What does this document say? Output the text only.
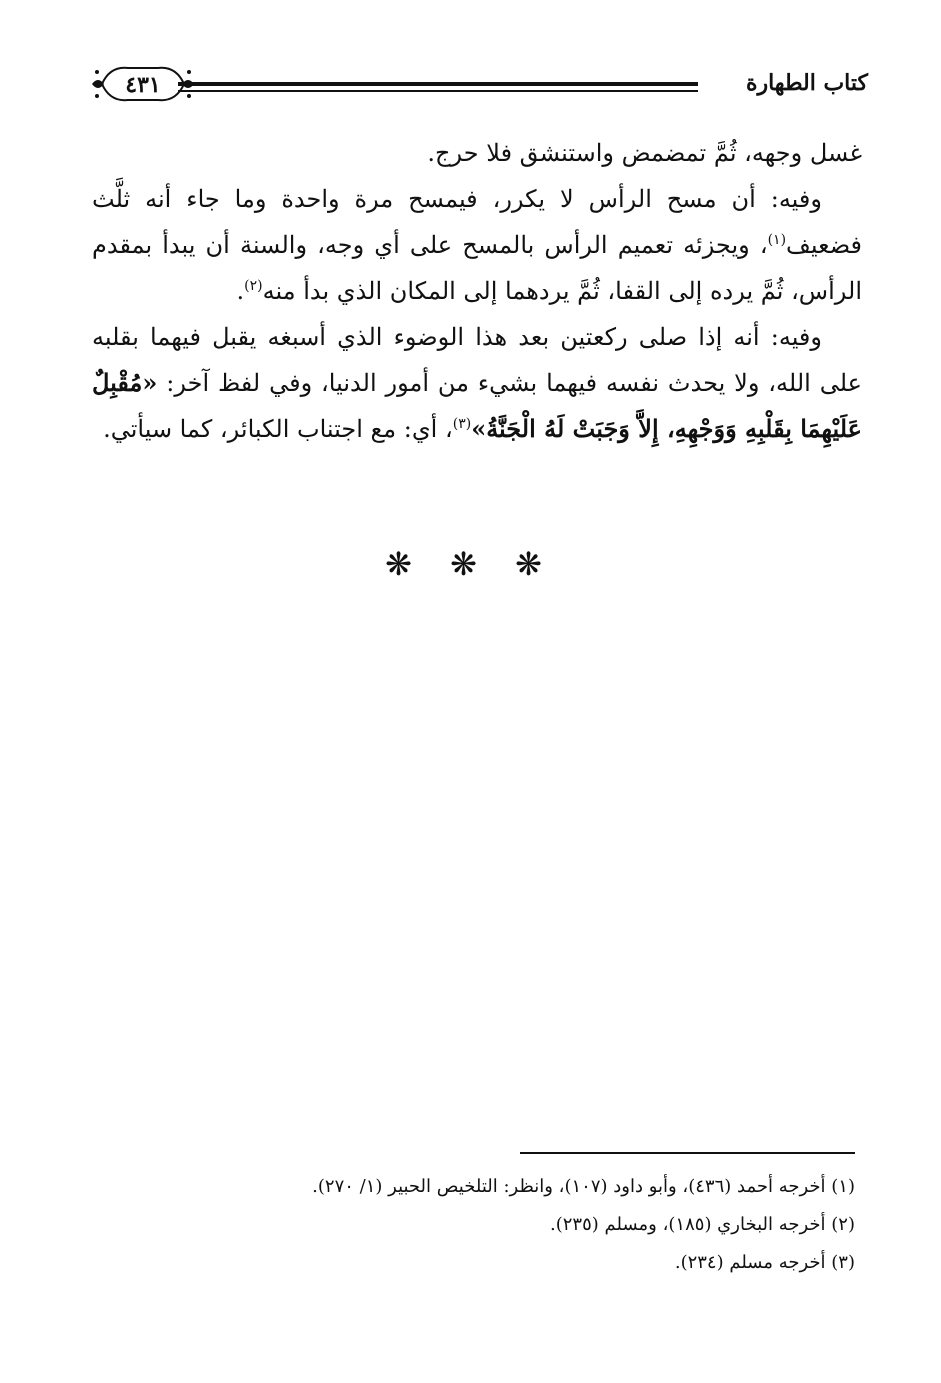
كتاب الطهارة
٤٣١

غسل وجهه، ثُمَّ تمضمض واستنشق فلا حرج.

وفيه: أن مسح الرأس لا يكرر، فيمسح مرة واحدة وما جاء أنه ثلَّث فضعيف$^{(١)}$، ويجزئه تعميم الرأس بالمسح على أي وجه، والسنة أن يبدأ بمقدم الرأس، ثُمَّ يرده إلى القفا، ثُمَّ يردهما إلى المكان الذي بدأ منه$^{(٢)}$.

وفيه: أنه إذا صلى ركعتين بعد هذا الوضوء الذي أسبغه يقبل فيهما بقلبه على الله، ولا يحدث نفسه فيهما بشيء من أمور الدنيا، وفي لفظ آخر: «مُقْبِلٌ عَلَيْهِمَا بِقَلْبِهِ وَوَجْهِهِ، إِلاَّ وَجَبَتْ لَهُ الْجَنَّةُ»$^{(٣)}$، أي: مع اجتناب الكبائر، كما سيأتي.

❋ ❋ ❋
(١) أخرجه أحمد (٤٣٦)، وأبو داود (١٠٧)، وانظر: التلخيص الحبير (١/ ٢٧٠).
(٢) أخرجه البخاري (١٨٥)، ومسلم (٢٣٥).
(٣) أخرجه مسلم (٢٣٤).
